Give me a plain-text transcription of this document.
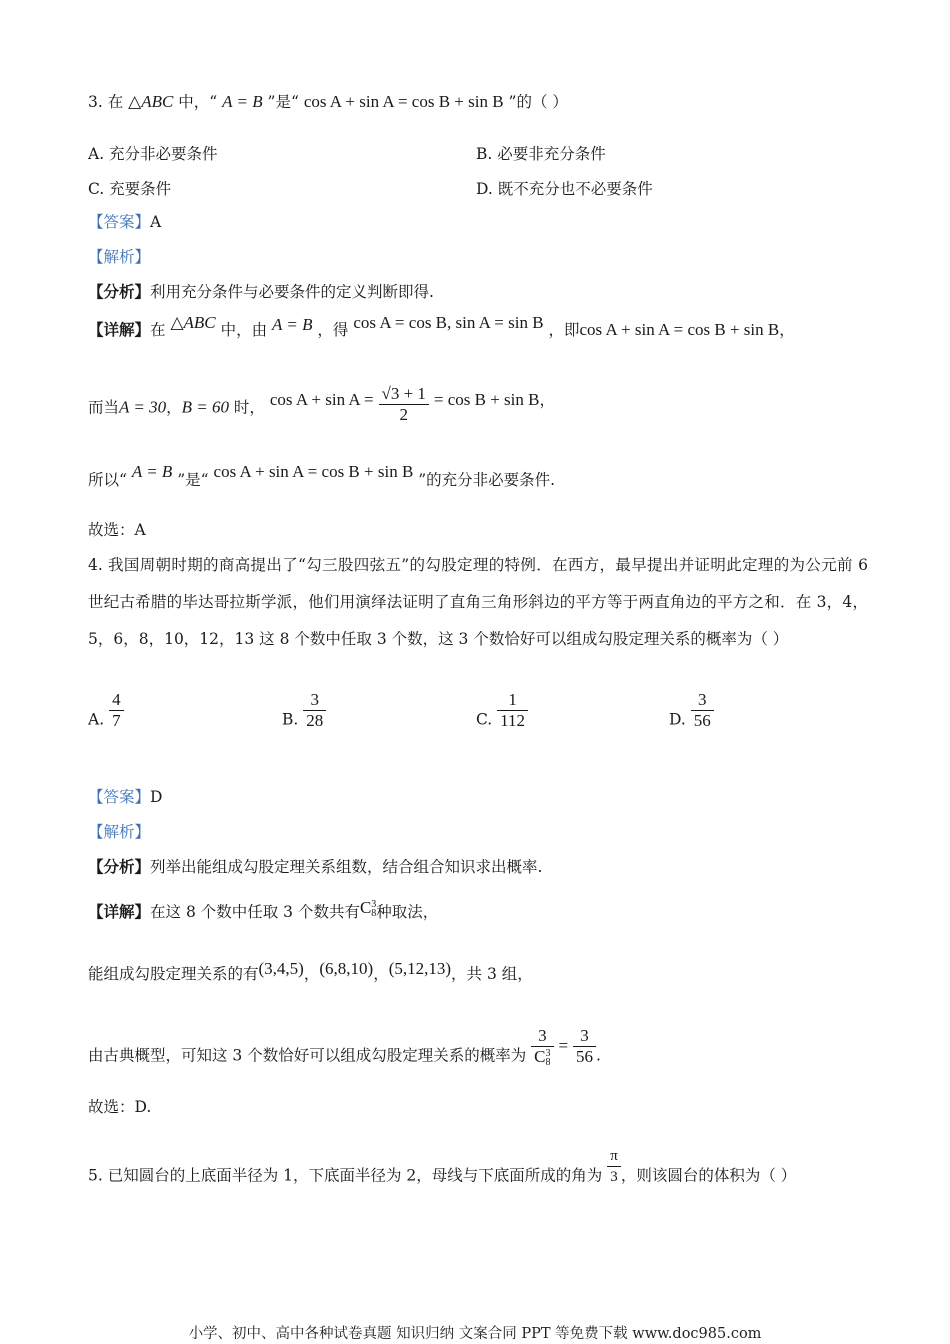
3. 在 △ABC 中，“ A = B ”是“ cos A + sin A = cos B + sin B ”的（ ）
A. 充分非必要条件	B. 必要非充分条件
C. 充要条件	D. 既不充分也不必要条件
【答案】A
【解析】
【分析】利用充分条件与必要条件的定义判断即得.
【详解】在 △ABC 中，由 A = B ，得 cos A = cos B, sin A = sin B ，即cos A + sin A = cos B + sin B，
而当A = 30，B = 60 时， $\cos A + \sin A = \frac{√3 + 1}{2} = \cos B + \sin B$，
所以“ A = B ”是“ cos A + sin A = cos B + sin B ”的充分非必要条件.
故选：A
4. 我国周朝时期的商高提出了“勾三股四弦五”的勾股定理的特例．在西方，最早提出并证明此定理的为公元前 6 世纪古希腊的毕达哥拉斯学派，他们用演绎法证明了直角三角形斜边的平方等于两直角边的平方之和．在 3，4，5，6，8，10，12，13 这 8 个数中任取 3 个数，这 3 个数恰好可以组成勾股定理关系的概率为（ ）
A. $\frac{4}{7}$	B. $\frac{3}{28}$	C. $\frac{1}{112}$	D. $\frac{3}{56}$
【答案】D
【解析】
【分析】列举出能组成勾股定理关系组数，结合组合知识求出概率.
【详解】在这 8 个数中任取 3 个数共有C 3
8 种取法，
能组成勾股定理关系的有(3,4,5)，(6,8,10)，(5,12,13)，共 3 组，
由古典概型，可知这 3 个数恰好可以组成勾股定理关系的概率为 3
C 3
$8 = \frac{3}{56}$ .
故选：D.
5. 已知圆台的上底面半径为 1，下底面半径为 2，母线与下底面所成的角为 $\frac{\pi}{3}$ ，则该圆台的体积为（ ）
小学、初中、高中各种试卷真题 知识归纳 文案合同 PPT 等免费下载 www.doc985.com
